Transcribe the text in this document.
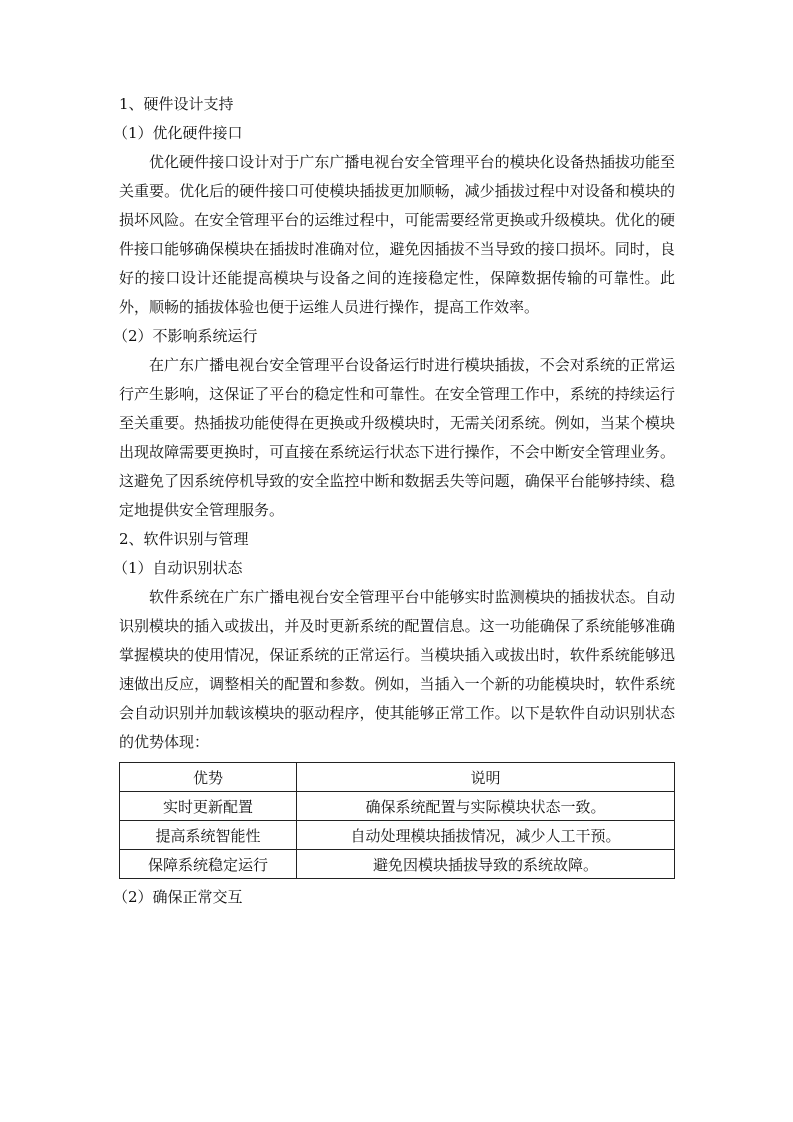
1、硬件设计支持
（1）优化硬件接口

优化硬件接口设计对于广东广播电视台安全管理平台的模块化设备热插拔功能至关重要。优化后的硬件接口可使模块插拔更加顺畅，减少插拔过程中对设备和模块的损坏风险。在安全管理平台的运维过程中，可能需要经常更换或升级模块。优化的硬件接口能够确保模块在插拔时准确对位，避免因插拔不当导致的接口损坏。同时，良好的接口设计还能提高模块与设备之间的连接稳定性，保障数据传输的可靠性。此外，顺畅的插拔体验也便于运维人员进行操作，提高工作效率。

（2）不影响系统运行

在广东广播电视台安全管理平台设备运行时进行模块插拔，不会对系统的正常运行产生影响，这保证了平台的稳定性和可靠性。在安全管理工作中，系统的持续运行至关重要。热插拔功能使得在更换或升级模块时，无需关闭系统。例如，当某个模块出现故障需要更换时，可直接在系统运行状态下进行操作，不会中断安全管理业务。这避免了因系统停机导致的安全监控中断和数据丢失等问题，确保平台能够持续、稳定地提供安全管理服务。

2、软件识别与管理
（1）自动识别状态

软件系统在广东广播电视台安全管理平台中能够实时监测模块的插拔状态。自动识别模块的插入或拔出，并及时更新系统的配置信息。这一功能确保了系统能够准确掌握模块的使用情况，保证系统的正常运行。当模块插入或拔出时，软件系统能够迅速做出反应，调整相关的配置和参数。例如，当插入一个新的功能模块时，软件系统会自动识别并加载该模块的驱动程序，使其能够正常工作。以下是软件自动识别状态的优势体现：

优势	说明
实时更新配置	确保系统配置与实际模块状态一致。
提高系统智能性	自动处理模块插拔情况，减少人工干预。
保障系统稳定运行	避免因模块插拔导致的系统故障。
（2）确保正常交互
